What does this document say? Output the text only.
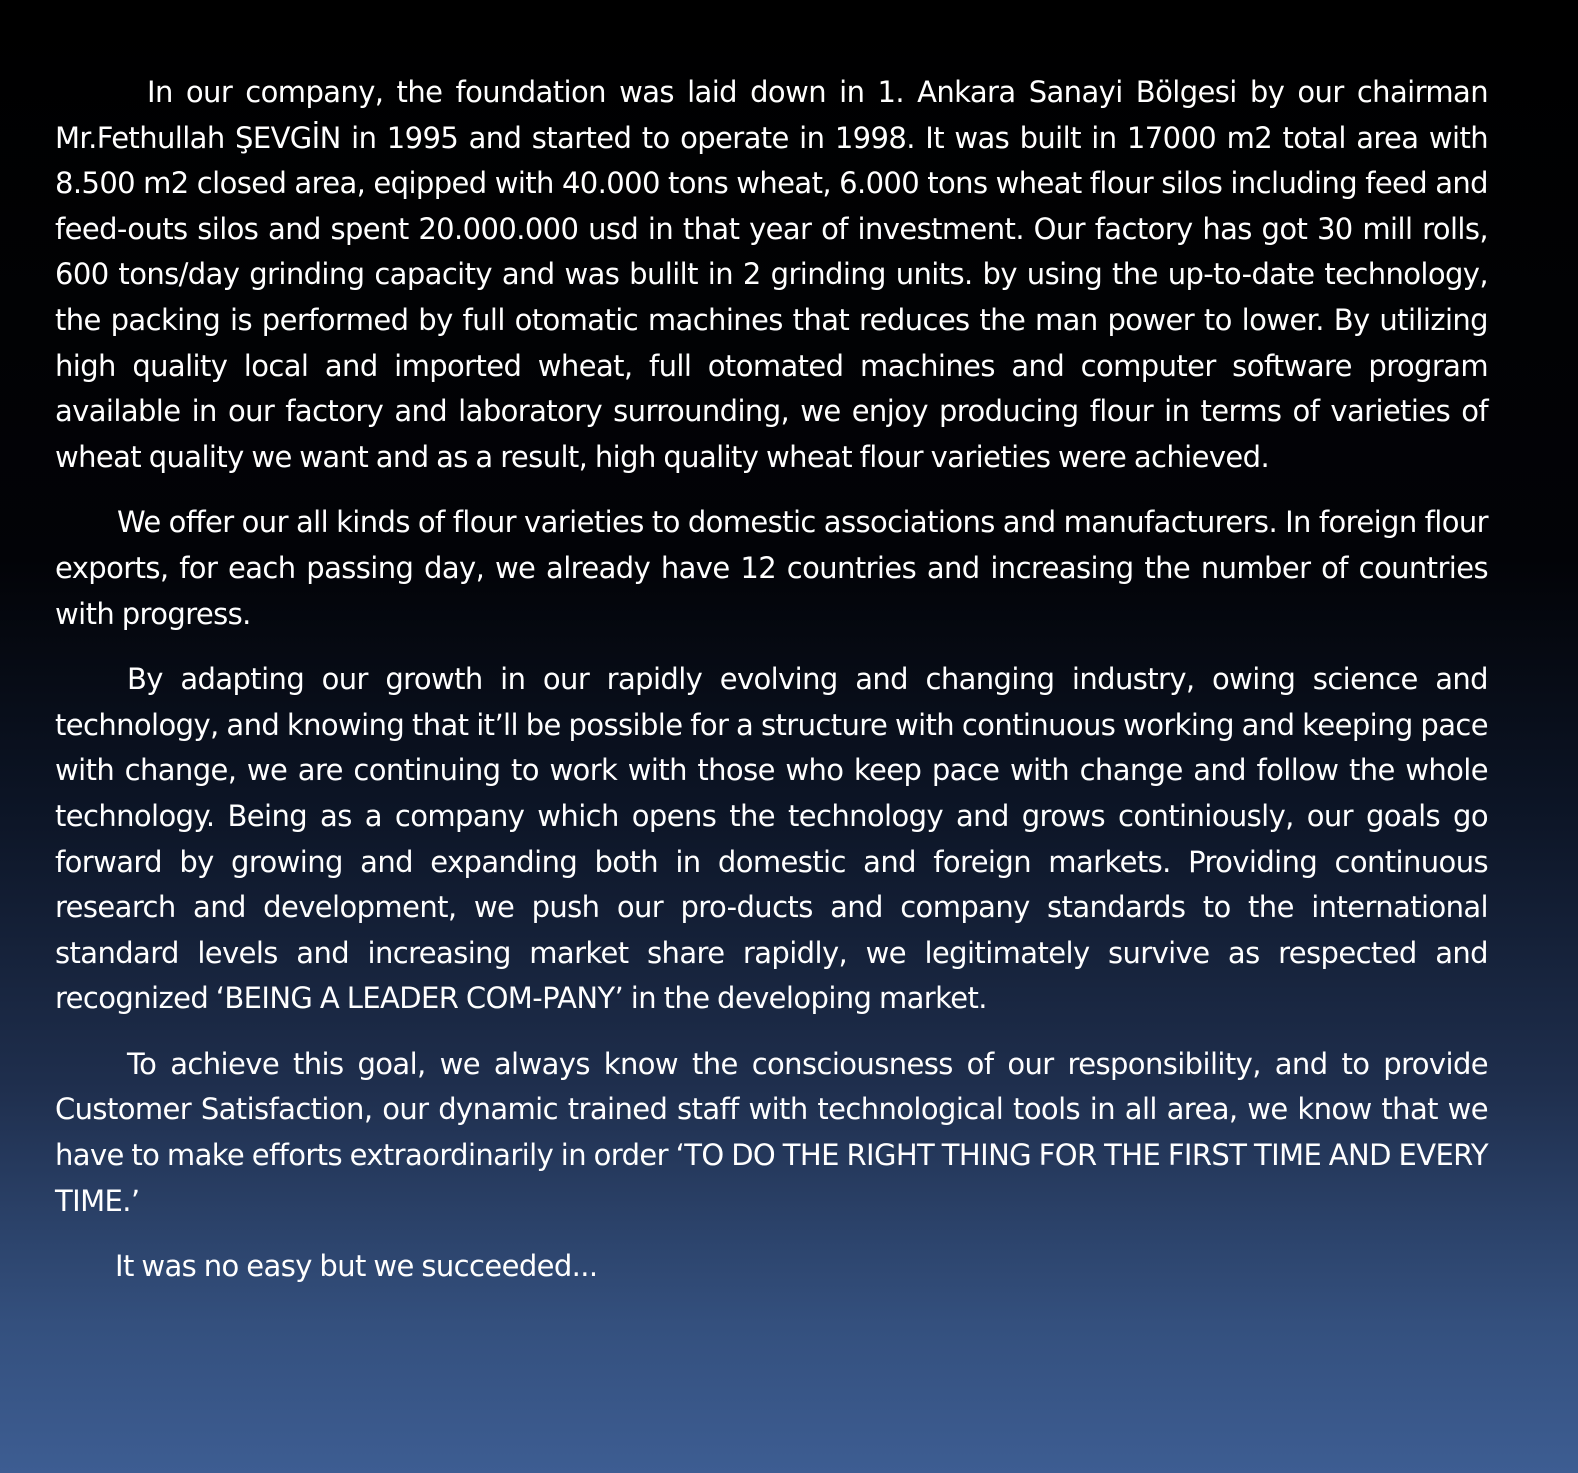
In our company, the foundation was laid down in 1. Ankara Sanayi Bölgesi by our chairman Mr.Fethullah ŞEVGİN in 1995 and started to operate in 1998. It was built in 17000 m2 total area with 8.500 m2 closed area, eqipped with 40.000 tons wheat, 6.000 tons wheat flour silos including feed and feed-outs silos and spent 20.000.000 usd in that year of investment. Our factory has got 30 mill rolls, 600 tons/day grinding capacity and was bulilt in 2 grinding units. by using the up-to-date technology, the packing is performed by full otomatic machines that reduces the man power to lower. By utilizing high quality local and imported wheat, full otomated machines and computer software program available in our factory and laboratory surrounding, we enjoy producing flour in terms of varieties of wheat quality we want and as a result, high quality wheat flour varieties were achieved.

We offer our all kinds of flour varieties to domestic associations and manufacturers. In foreign flour exports, for each passing day, we already have 12 countries and increasing the number of countries with progress.

By adapting our growth in our rapidly evolving and changing industry, owing science and technology, and knowing that it’ll be possible for a structure with continuous working and keeping pace with change, we are continuing to work with those who keep pace with change and follow the whole technology. Being as a company which opens the technology and grows continiously, our goals go forward by growing and expanding both in domestic and foreign markets. Providing continuous research and development, we push our pro-ducts and company standards to the international standard levels and increasing market share rapidly, we legitimately survive as respected and recognized ‘BEING A LEADER COM-PANY’ in the developing market.

To achieve this goal, we always know the consciousness of our responsibility, and to provide Customer Satisfaction, our dynamic trained staff with technological tools in all area, we know that we have to make efforts extraordinarily in order ‘TO DO THE RIGHT THING FOR THE FIRST TIME AND EVERY TIME.’

It was no easy but we succeeded...
